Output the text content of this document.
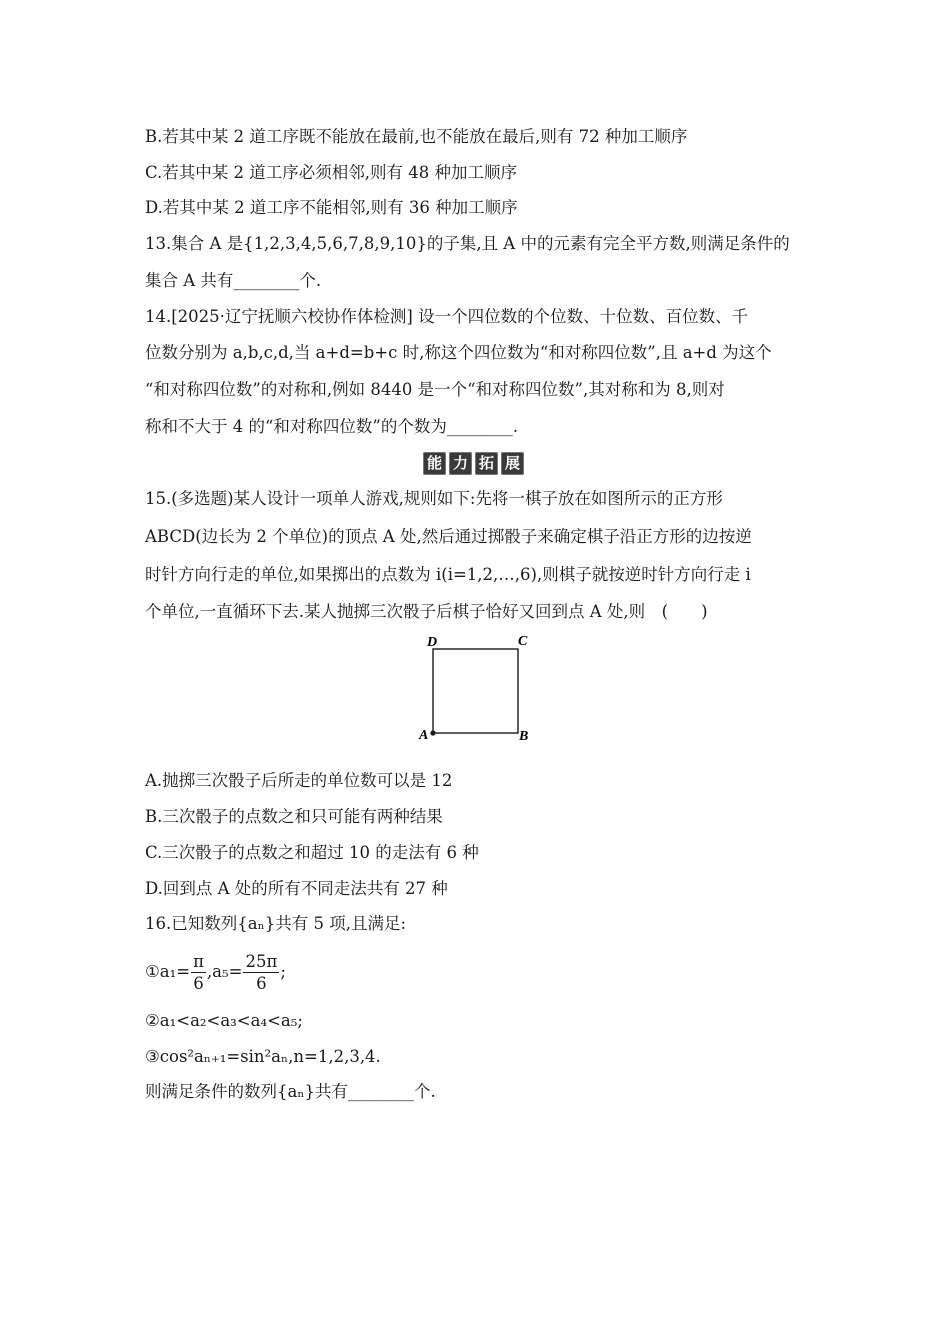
B.若其中某 2 道工序既不能放在最前,也不能放在最后,则有 72 种加工顺序
C.若其中某 2 道工序必须相邻,则有 48 种加工顺序
D.若其中某 2 道工序不能相邻,则有 36 种加工顺序
13.集合 A 是{1,2,3,4,5,6,7,8,9,10}的子集,且 A 中的元素有完全平方数,则满足条件的
集合 A 共有________个.
14.[2025·辽宁抚顺六校协作体检测] 设一个四位数的个位数、十位数、百位数、千
位数分别为 a,b,c,d,当 a+d=b+c 时,称这个四位数为“和对称四位数”,且 a+d 为这个
“和对称四位数”的对称和,例如 8440 是一个“和对称四位数”,其对称和为 8,则对
称和不大于 4 的“和对称四位数”的个数为________.
能 力 拓 展
15.(多选题)某人设计一项单人游戏,规则如下:先将一棋子放在如图所示的正方形
ABCD(边长为 2 个单位)的顶点 A 处,然后通过掷骰子来确定棋子沿正方形的边按逆
时针方向行走的单位,如果掷出的点数为 i(i=1,2,…,6),则棋子就按逆时针方向行走 i
个单位,一直循环下去.某人抛掷三次骰子后棋子恰好又回到点 A 处,则　(　　)
D	C
A	B
A.抛掷三次骰子后所走的单位数可以是 12
B.三次骰子的点数之和只可能有两种结果
C.三次骰子的点数之和超过 10 的走法有 6 种
D.回到点 A 处的所有不同走法共有 27 种
16.已知数列{aₙ}共有 5 项,且满足:
①a₁= $\frac{\pi}{6} ,a_5= \frac{25\pi}{6}$ ;
②a₁<a₂<a₃<a₄<a₅;
③cos²aₙ₊₁=sin²aₙ,n=1,2,3,4.
则满足条件的数列{aₙ}共有________个.
